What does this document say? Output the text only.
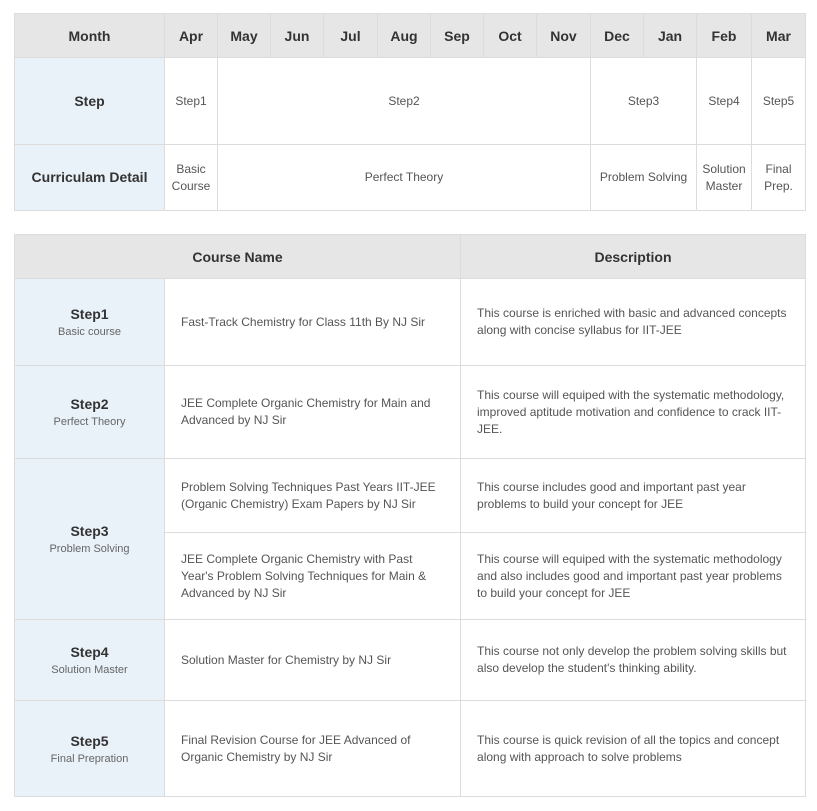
Month	Apr	May	Jun	Jul	Aug	Sep	Oct	Nov	Dec	Jan	Feb	Mar
Step	Step1	Step2							Step3		Step4	Step5
Curriculam Detail	Basic Course	Perfect Theory							Problem Solving		Solution Master	Final Prep.
Course Name		Description

Step1
Basic course	Fast-Track Chemistry for Class 11th By NJ Sir	This course is enriched with basic and advanced concepts along with concise syllabus for IIT-JEE

Step2
Perfect Theory	JEE Complete Organic Chemistry for Main and Advanced by NJ Sir	This course will equiped with the systematic methodology, improved aptitude motivation and confidence to crack IIT-JEE.

Step3
Problem Solving	Problem Solving Techniques Past Years IIT-JEE (Organic Chemistry) Exam Papers by NJ Sir	This course includes good and important past year problems to build your concept for JEE
	JEE Complete Organic Chemistry with Past Year's Problem Solving Techniques for Main & Advanced by NJ Sir	This course will equiped with the systematic methodology and also includes good and important past year problems to build your concept for JEE

Step4
Solution Master	Solution Master for Chemistry by NJ Sir	This course not only develop the problem solving skills but also develop the student's thinking ability.

Step5
Final Prepration	Final Revision Course for JEE Advanced of Organic Chemistry by NJ Sir	This course is quick revision of all the topics and concept along with approach to solve problems
